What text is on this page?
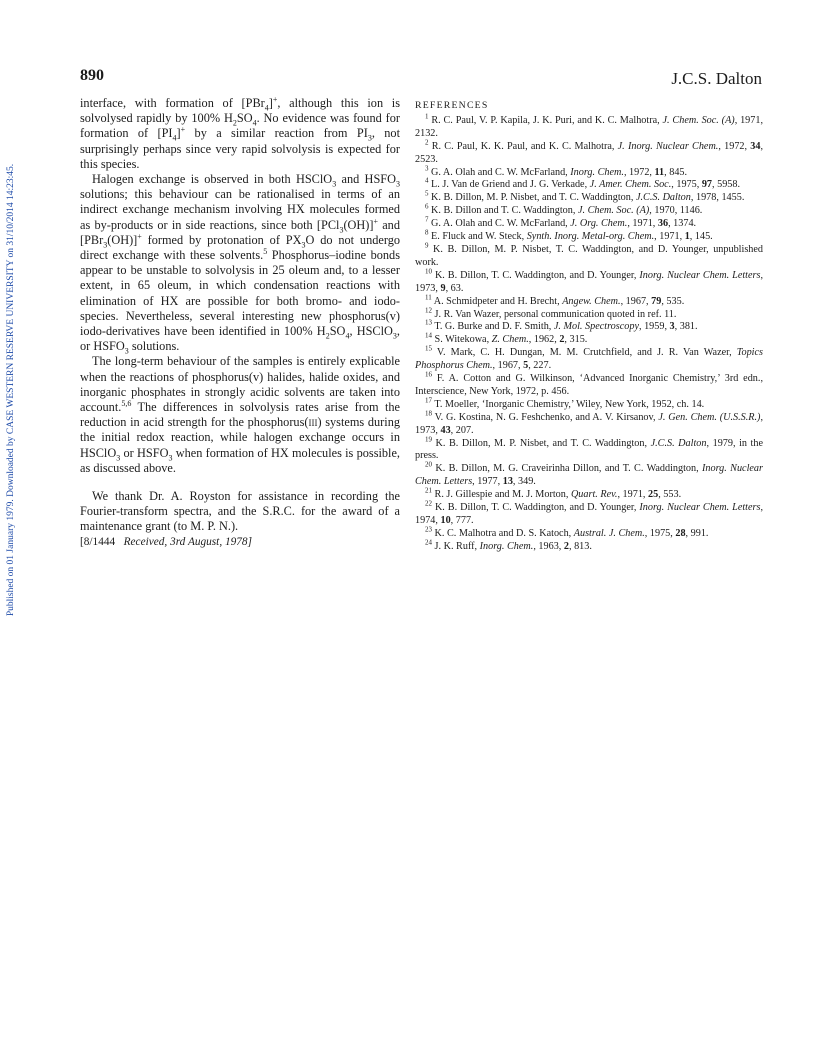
Published on 01 January 1979. Downloaded by CASE WESTERN RESERVE UNIVERSITY on 31/10/2014 14:23:45.
890	J.C.S. Dalton

interface, with formation of [PBr$_4$]+, although this ion is solvolysed rapidly by 100% $H_2SO_4$. No evidence was found for formation of $[PI_4]^+$ by a similar reaction from $PI_3$, not surprisingly perhaps since very rapid solvolysis is expected for this species.

Halogen exchange is observed in both HSClO$_3$ and $HSFO_3$ solutions; this behaviour can be rationalised in terms of an indirect exchange mechanism involving HX molecules formed as by-products or in side reactions, since both [PCl$_3$(OH)]+ and [PBr$_3$(OH)]+ formed by protonation of $PX_3O$ do not undergo direct exchange with these solvents.$^5$ Phosphorus–iodine bonds appear to be unstable to solvolysis in 25 oleum and, to a lesser extent, in 65 oleum, in which condensation reactions with elimination of HX are possible for both bromo- and iodo-species. Nevertheless, several interesting new phosphorus(v) iodo-derivatives have been identified in 100% $H_2SO_4$, HSClO$_3$, or $HSFO_3$ solutions.

The long-term behaviour of the samples is entirely explicable when the reactions of phosphorus(v) halides, halide oxides, and inorganic phosphates in strongly acidic solvents are taken into account.$^{5,6}$ The differences in solvolysis rates arise from the reduction in acid strength for the phosphorus(iii) systems during the initial redox reaction, while halogen exchange occurs in HSClO$_3$ or $HSFO_3$ when formation of HX molecules is possible, as discussed above.

We thank Dr. A. Royston for assistance in recording the Fourier-transform spectra, and the S.R.C. for the award of a maintenance grant (to M. P. N.).

[8/1444 Received, 3rd August, 1978]

REFERENCES

$^1$ R. C. Paul, V. P. Kapila, J. K. Puri, and K. C. Malhotra, J. Chem. Soc. (A), 1971, 2132.

$^2$ R. C. Paul, K. K. Paul, and K. C. Malhotra, J. Inorg. Nuclear Chem., 1972, 34, 2523.

$^3$ G. A. Olah and C. W. McFarland, Inorg. Chem., 1972, 11, 845.

$^4$ L. J. Van de Griend and J. G. Verkade, J. Amer. Chem. Soc., 1975, 97, 5958.

$^5$ K. B. Dillon, M. P. Nisbet, and T. C. Waddington, J.C.S. Dalton, 1978, 1455.

$^6$ K. B. Dillon and T. C. Waddington, J. Chem. Soc. (A), 1970, 1146.

$^7$ G. A. Olah and C. W. McFarland, J. Org. Chem., 1971, 36, 1374.

$^8$ E. Fluck and W. Steck, Synth. Inorg. Metal-org. Chem., 1971, 1, 145.

$^9$ K. B. Dillon, M. P. Nisbet, T. C. Waddington, and D. Younger, unpublished work.

$^{10}$ K. B. Dillon, T. C. Waddington, and D. Younger, Inorg. Nuclear Chem. Letters, 1973, 9, 63.

$^{11}$ A. Schmidpeter and H. Brecht, Angew. Chem., 1967, 79, 535.

$^{12}$ J. R. Van Wazer, personal communication quoted in ref. 11.

$^{13}$ T. G. Burke and D. F. Smith, J. Mol. Spectroscopy, 1959, 3, 381.

$^{14}$ S. Witekowa, Z. Chem., 1962, 2, 315.

$^{15}$ V. Mark, C. H. Dungan, M. M. Crutchfield, and J. R. Van Wazer, Topics Phosphorus Chem., 1967, 5, 227.

$^{16}$ F. A. Cotton and G. Wilkinson, ‘Advanced Inorganic Chemistry,’ 3rd edn., Interscience, New York, 1972, p. 456.

$^{17}$ T. Moeller, ‘Inorganic Chemistry,’ Wiley, New York, 1952, ch. 14.

$^{18}$ V. G. Kostina, N. G. Feshchenko, and A. V. Kirsanov, J. Gen. Chem. (U.S.S.R.), 1973, 43, 207.

$^{19}$ K. B. Dillon, M. P. Nisbet, and T. C. Waddington, J.C.S. Dalton, 1979, in the press.

$^{20}$ K. B. Dillon, M. G. Craveirinha Dillon, and T. C. Waddington, Inorg. Nuclear Chem. Letters, 1977, 13, 349.

$^{21}$ R. J. Gillespie and M. J. Morton, Quart. Rev., 1971, 25, 553.

$^{22}$ K. B. Dillon, T. C. Waddington, and D. Younger, Inorg. Nuclear Chem. Letters, 1974, 10, 777.

$^{23}$ K. C. Malhotra and D. S. Katoch, Austral. J. Chem., 1975, 28, 991.

$^{24}$ J. K. Ruff, Inorg. Chem., 1963, 2, 813.
